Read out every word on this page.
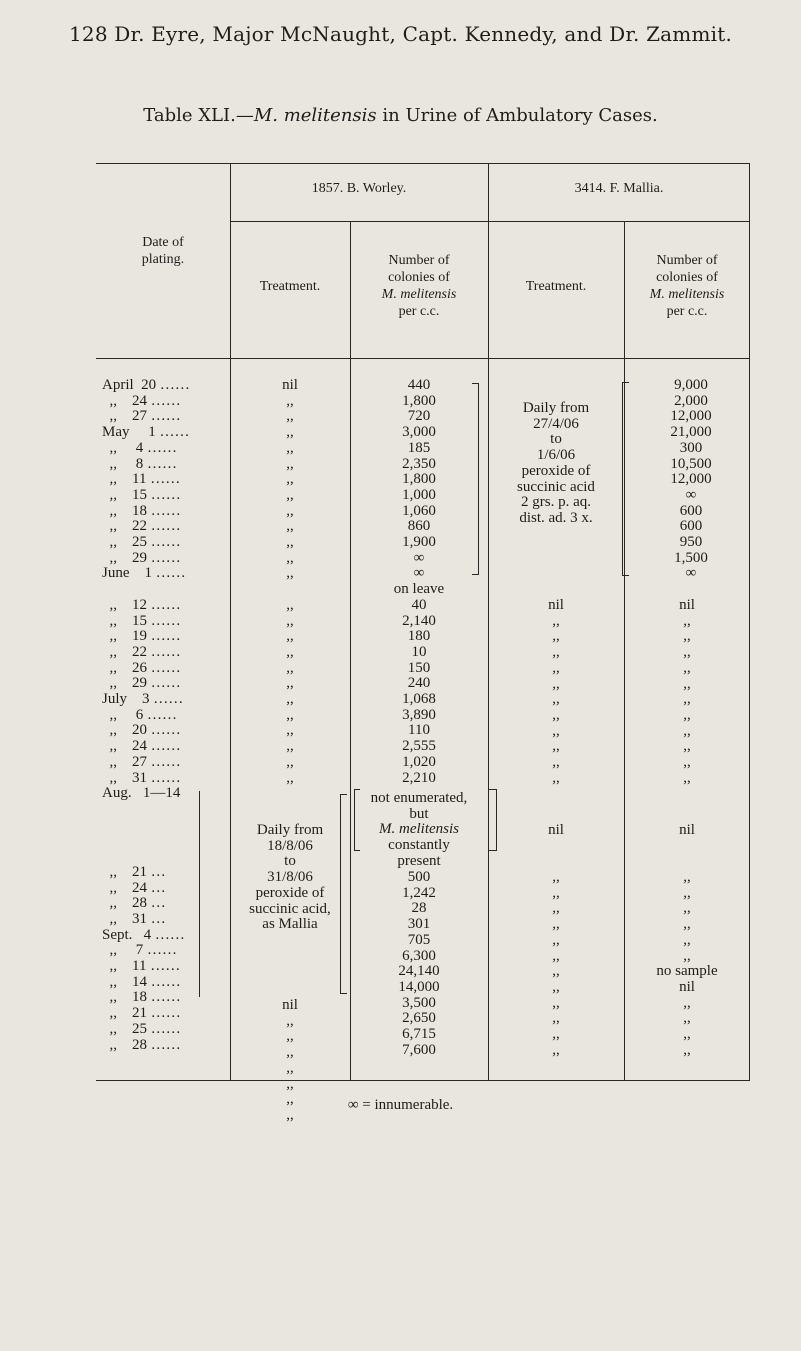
128 Dr. Eyre, Major McNaught, Capt. Kennedy, and Dr. Zammit.
Table XLI.—M. melitensis in Urine of Ambulatory Cases.
Date of
plating.
1857. B. Worley.	3414. F. Mallia.
Treatment.	Treatment.
Number of
colonies of
M. melitensis
per c.c.
Number of
colonies of
M. melitensis
per c.c.
April  20 ……
,,    24 ……
,,    27 ……
May     1 ……
,,     4 ……
,,     8 ……
,,    11 ……
,,    15 ……
,,    18 ……
,,    22 ……
,,    25 ……
,,    29 ……
June    1 ……

,,    12 ……
,,    15 ……
,,    19 ……
,,    22 ……
,,    26 ……
,,    29 ……
July    3 ……
,,     6 ……
,,    20 ……
,,    24 ……
,,    27 ……
,,    31 ……
Aug.   1—14

,,    21 …
,,    24 …
,,    28 …
,,    31 …
Sept.   4 ……
,,     7 ……
,,    11 ……
,,    14 ……
,,    18 ……
,,    21 ……
,,    25 ……
,,    28 ……
nil
,,
,,
,,
,,
,,
,,
,,
,,
,,
,,
,,
,,

,,
,,
,,
,,
,,
,,
,,
,,
,,
,,
,,
,,
Daily from
18/8/06
to
31/8/06
peroxide of
succinic acid,
as Mallia
nil
,,
,,
,,
,,
,,
,,
,,
440
1,800
720
3,000
185
2,350
1,800
1,000
1,060
860
1,900
∞
∞
on leave
40
2,140
180
10
150
240
1,068
3,890
110
2,555
1,020
2,210
not enumerated,
but
M. melitensis
constantly
present
500
1,242
28
301
705
6,300
24,140
14,000
3,500
2,650
6,715
7,600
Daily from
27/4/06
to
1/6/06
peroxide of
succinic acid
2 grs. p. aq.
dist. ad. 3 x.
nil
,,
,,
,,
,,
,,
,,
,,
,,
,,
,,
,,
nil
,,
,,
,,
,,
,,
,,
,,
,,
,,
,,
,,
,,
9,000
2,000
12,000
21,000
300
10,500
12,000
∞
600
600
950
1,500
∞
nil
,,
,,
,,
,,
,,
,,
,,
,,
,,
,,
,,
nil
,,
,,
,,
,,
,,
,,
no sample
nil
,,
,,
,,
,,
∞ = innumerable.
